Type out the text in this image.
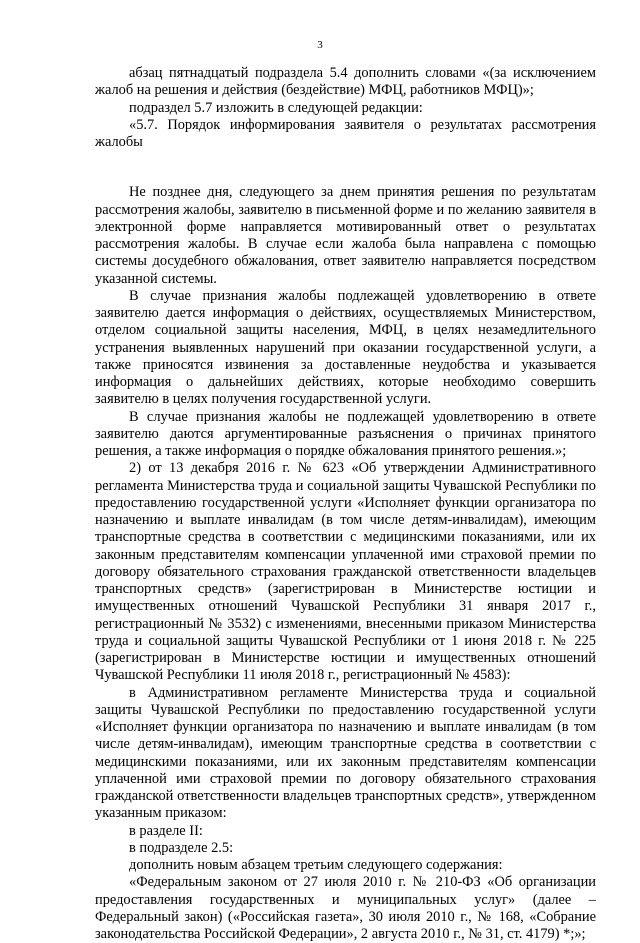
3

абзац пятнадцатый подраздела 5.4 дополнить словами «(за исключением жалоб на решения и действия (бездействие) МФЦ, работников МФЦ)»;

подраздел 5.7 изложить в следующей редакции:

«5.7. Порядок информирования заявителя о результатах рассмотрения жалобы

Не позднее дня, следующего за днем принятия решения по результатам рассмотрения жалобы, заявителю в письменной форме и по желанию заявителя в электронной форме направляется мотивированный ответ о результатах рассмотрения жалобы. В случае если жалоба была направлена с помощью системы досудебного обжалования, ответ заявителю направляется посредством указанной системы.

В случае признания жалобы подлежащей удовлетворению в ответе заявителю дается информация о действиях, осуществляемых Министерством, отделом социальной защиты населения, МФЦ, в целях незамедлительного устранения выявленных нарушений при оказании государственной услуги, а также приносятся извинения за доставленные неудобства и указывается информация о дальнейших действиях, которые необходимо совершить заявителю в целях получения государственной услуги.

В случае признания жалобы не подлежащей удовлетворению в ответе заявителю даются аргументированные разъяснения о причинах принятого решения, а также информация о порядке обжалования принятого решения.»;

2) от 13 декабря 2016 г. № 623 «Об утверждении Административного регламента Министерства труда и социальной защиты Чувашской Республики по предоставлению государственной услуги «Исполняет функции организатора по назначению и выплате инвалидам (в том числе детям-инвалидам), имеющим транспортные средства в соответствии с медицинскими показаниями, или их законным представителям компенсации уплаченной ими страховой премии по договору обязательного страхования гражданской ответственности владельцев транспортных средств» (зарегистрирован в Министерстве юстиции и имущественных отношений Чувашской Республики 31 января 2017 г., регистрационный № 3532) с изменениями, внесенными приказом Министерства труда и социальной защиты Чувашской Республики от 1 июня 2018 г. № 225 (зарегистрирован в Министерстве юстиции и имущественных отношений Чувашской Республики 11 июля 2018 г., регистрационный № 4583):

в Административном регламенте Министерства труда и социальной защиты Чувашской Республики по предоставлению государственной услуги «Исполняет функции организатора по назначению и выплате инвалидам (в том числе детям-инвалидам), имеющим транспортные средства в соответствии с медицинскими показаниями, или их законным представителям компенсации уплаченной ими страховой премии по договору обязательного страхования гражданской ответственности владельцев транспортных средств», утвержденном указанным приказом:

в разделе II:

в подразделе 2.5:

дополнить новым абзацем третьим следующего содержания:

«Федеральным законом от 27 июля 2010 г. № 210-ФЗ «Об организации предоставления государственных и муниципальных услуг» (далее – Федеральный закон) («Российская газета», 30 июля 2010 г., № 168, «Собрание законодательства Российской Федерации», 2 августа 2010 г., № 31, ст. 4179) *;»;
